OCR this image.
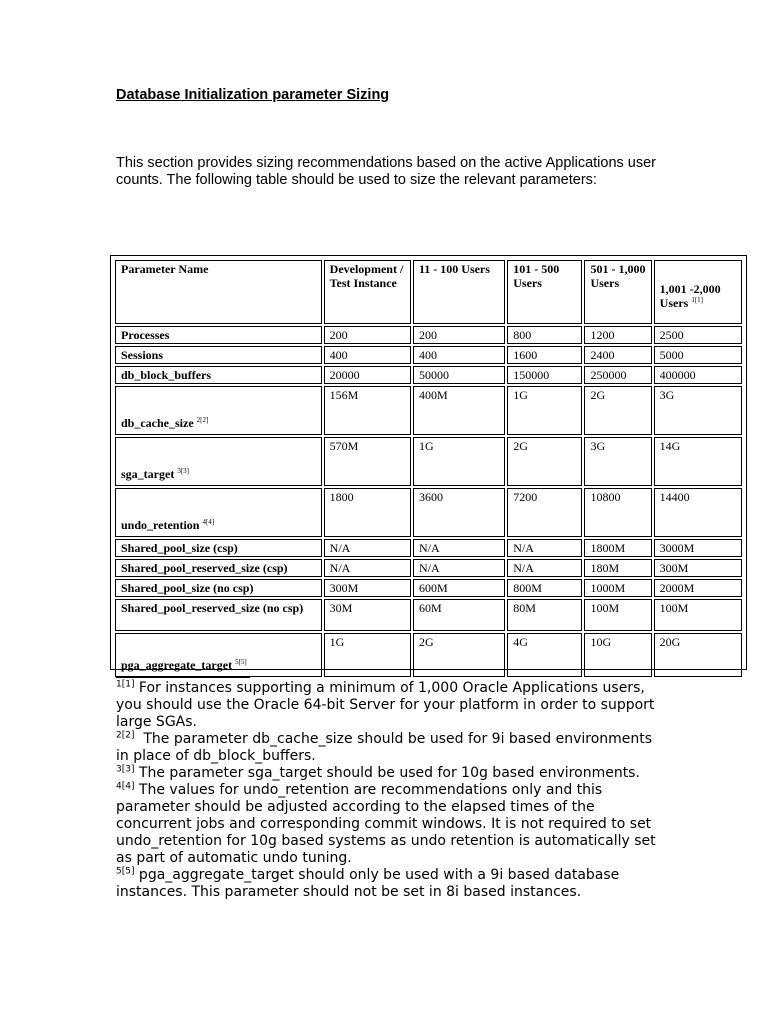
Database Initialization parameter Sizing
This section provides sizing recommendations based on the active Applications user counts. The following table should be used to size the relevant parameters:
Parameter Name	Development / Test Instance	11 - 100 Users	101 - 500 Users	501 - 1,000 Users	1,001 -2,000 Users $^{1[1]}$
Processes	200	200	800	1200	2500
Sessions	400	400	1600	2400	5000
db_block_buffers	20000	50000	150000	250000	400000
db_cache_size $^{2[2]}$	156M	400M	1G	2G	3G
sga_target $^{3[3]}$	570M	1G	2G	3G	14G
undo_retention $^{4[4]}$	1800	3600	7200	10800	14400
Shared_pool_size (csp)	N/A	N/A	N/A	1800M	3000M
Shared_pool_reserved_size (csp)	N/A	N/A	N/A	180M	300M
Shared_pool_size (no csp)	300M	600M	800M	1000M	2000M
Shared_pool_reserved_size (no csp)	30M	60M	80M	100M	100M
pga_aggregate_target $^{5[5]}$	1G	2G	4G	10G	20G

$^{1[1]}$ For instances supporting a minimum of 1,000 Oracle Applications users, you should use the Oracle 64-bit Server for your platform in order to support large SGAs.

$^{2[2]}$  The parameter db_cache_size should be used for 9i based environments in place of db_block_buffers.

$^{3[3]}$ The parameter sga_target should be used for 10g based environments.

$^{4[4]}$ The values for undo_retention are recommendations only and this parameter should be adjusted according to the elapsed times of the concurrent jobs and corresponding commit windows. It is not required to set undo_retention for 10g based systems as undo retention is automatically set as part of automatic undo tuning.

$^{5[5]}$ pga_aggregate_target should only be used with a 9i based database instances. This parameter should not be set in 8i based instances.
